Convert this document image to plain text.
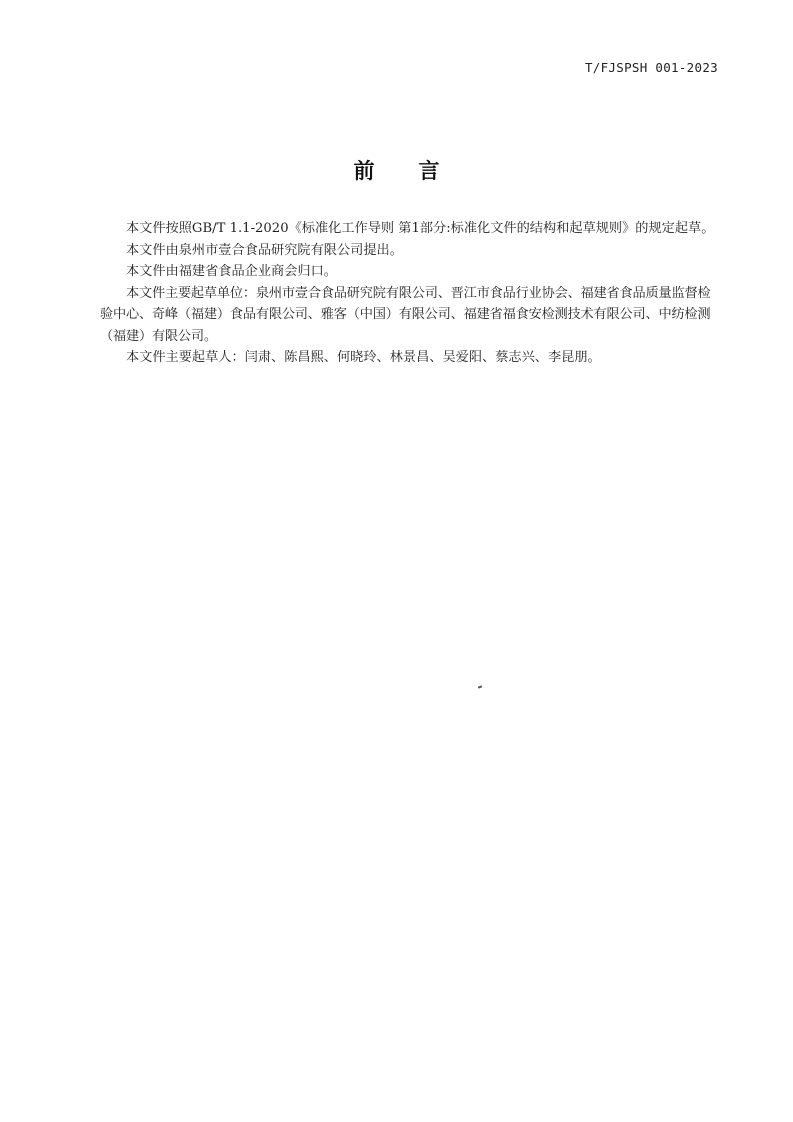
T/FJSPSH 001-2023
前言

本文件按照GB/T 1.1-2020《标准化工作导则 第1部分:标准化文件的结构和起草规则》的规定起草。

本文件由泉州市壹合食品研究院有限公司提出。

本文件由福建省食品企业商会归口。

本文件主要起草单位：泉州市壹合食品研究院有限公司、晋江市食品行业协会、福建省食品质量监督检验中心、奇峰（福建）食品有限公司、雅客（中国）有限公司、福建省福食安检测技术有限公司、中纺检测（福建）有限公司。

本文件主要起草人：闫肃、陈昌熙、何晓玲、林景昌、吴爱阳、蔡志兴、李昆朋。
